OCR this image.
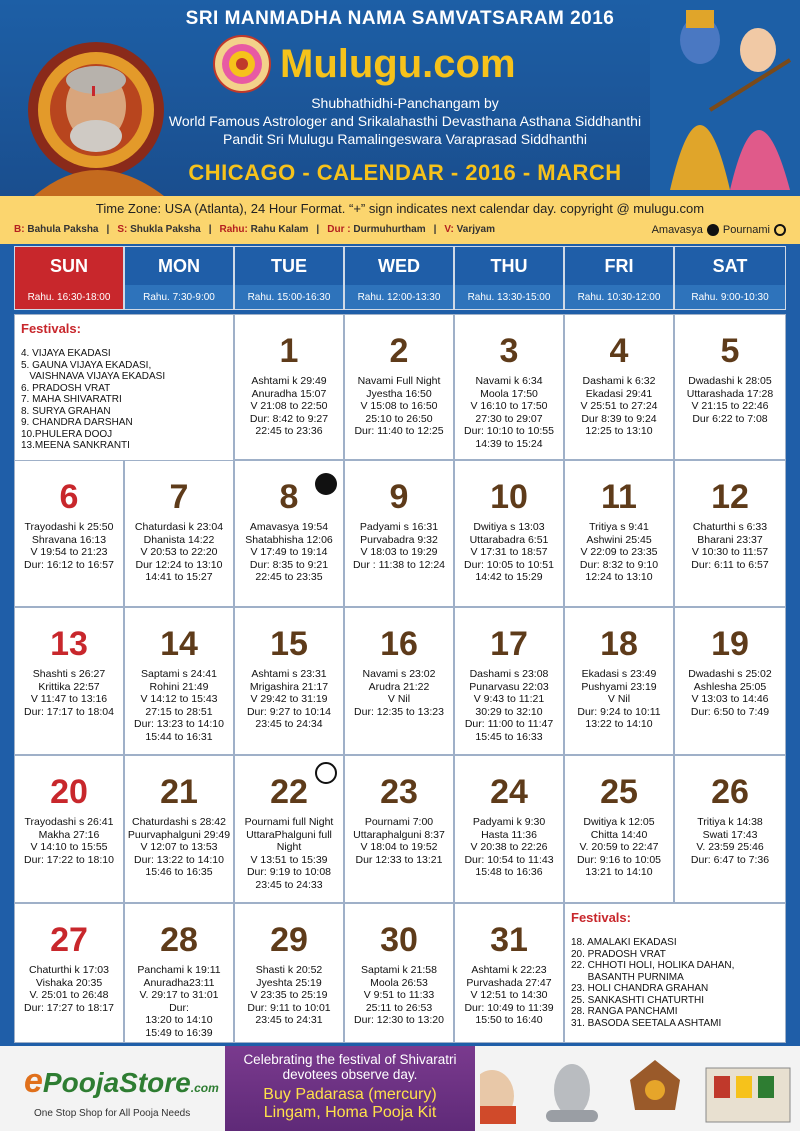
SRI MANMADHA NAMA SAMVATSARAM 2016
Mulugu.com
Shubhathidhi-Panchangam by
World Famous Astrologer and Srikalahasthi Devasthana Asthana Siddhanthi
Pandit Sri Mulugu Ramalingeswara Varaprasad Siddhanthi
CHICAGO - CALENDAR - 2016 - MARCH
Time Zone: USA (Atlanta), 24 Hour Format. “+” sign indicates next calendar day. copyright @ mulugu.com
B: Bahula Paksha | S: Shukla Paksha | Rahu: Rahu Kalam | Dur : Durmuhurtham | V: Varjyam	Amavasya Pournami
SUN
Rahu. 16:30-18:00
MON
Rahu. 7:30-9:00
TUE
Rahu. 15:00-16:30
WED
Rahu. 12:00-13:30
THU
Rahu. 13:30-15:00
FRI
Rahu. 10:30-12:00
SAT
Rahu. 9:00-10:30
Festivals:
4. VIJAYA EKADASI
5. GAUNA VIJAYA EKADASI,
VAISHNAVA VIJAYA EKADASI
6. PRADOSH VRAT
7. MAHA SHIVARATRI
8. SURYA GRAHAN
9. CHANDRA DARSHAN
10.PHULERA DOOJ
13.MEENA SANKRANTI
Festivals:
18. AMALAKI EKADASI
20. PRADOSH VRAT
22. CHHOTI HOLI, HOLIKA DAHAN,
BASANTH PURNIMA
23. HOLI CHANDRA GRAHAN
25. SANKASHTI CHATURTHI
28. RANGA PANCHAMI
31. BASODA SEETALA ASHTAMI
1
Ashtami k 29:49
Anuradha 15:07
V 21:08 to 22:50
Dur: 8:42 to 9:27
22:45 to 23:36
2
Navami Full Night
Jyestha 16:50
V 15:08 to 16:50
25:10 to 26:50
Dur: 11:40 to 12:25
3
Navami k 6:34
Moola 17:50
V 16:10 to 17:50
27:30 to 29:07
Dur: 10:10 to 10:55
14:39 to 15:24
4
Dashami k 6:32
Ekadasi 29:41
V 25:51 to 27:24
Dur 8:39 to 9:24
12:25 to 13:10
5
Dwadashi k 28:05
Uttarashada 17:28
V 21:15 to 22:46
Dur 6:22 to 7:08
6
Trayodashi k 25:50
Shravana 16:13
V 19:54 to 21:23
Dur: 16:12 to 16:57
7
Chaturdasi k 23:04
Dhanista 14:22
V 20:53 to 22:20
Dur 12:24 to 13:10
14:41 to 15:27
8
Amavasya 19:54
Shatabhisha 12:06
V 17:49 to 19:14
Dur: 8:35 to 9:21
22:45 to 23:35
9
Padyami s 16:31
Purvabadra 9:32
V 18:03 to 19:29
Dur : 11:38 to 12:24
10
Dwitiya s 13:03
Uttarabadra 6:51
V 17:31 to 18:57
Dur: 10:05 to 10:51
14:42 to 15:29
11
Tritiya s 9:41
Ashwini 25:45
V 22:09 to 23:35
Dur: 8:32 to 9:10
12:24 to 13:10
12
Chaturthi s 6:33
Bharani 23:37
V 10:30 to 11:57
Dur: 6:11 to 6:57
13
Shashti s 26:27
Krittika 22:57
V 11:47 to 13:16
Dur: 17:17 to 18:04
14
Saptami s 24:41
Rohini 21:49
V 14:12 to 15:43
27:15 to 28:51
Dur: 13:23 to 14:10
15:44 to 16:31
15
Ashtami s 23:31
Mrigashira 21:17
V 29:42 to 31:19
Dur: 9:27 to 10:14
23:45 to 24:34
16
Navami s 23:02
Arudra 21:22
V Nil
Dur: 12:35 to 13:23
17
Dashami s 23:08
Punarvasu 22:03
V 9:43 to 11:21
30:29 to 32:10
Dur: 11:00 to 11:47
15:45 to 16:33
18
Ekadasi s 23:49
Pushyami 23:19
V Nil
Dur: 9:24 to 10:11
13:22 to 14:10
19
Dwadashi s 25:02
Ashlesha 25:05
V 13:03 to 14:46
Dur: 6:50 to 7:49
20
Trayodashi s 26:41
Makha 27:16
V 14:10 to 15:55
Dur: 17:22 to 18:10
21
Chaturdashi s 28:42
Puurvaphalguni 29:49
V 12:07 to 13:53
Dur: 13:22 to 14:10
15:46 to 16:35
22
Pournami full Night
UttaraPhalguni full
Night
V 13:51 to 15:39
Dur: 9:19 to 10:08
23:45 to 24:33
23
Pournami 7:00
Uttaraphalguni 8:37
V 18:04 to 19:52
Dur 12:33 to 13:21
24
Padyami k 9:30
Hasta 11:36
V 20:38 to 22:26
Dur: 10:54 to 11:43
15:48 to 16:36
25
Dwitiya k 12:05
Chitta 14:40
V. 20:59 to 22:47
Dur: 9:16 to 10:05
13:21 to 14:10
26
Tritiya k 14:38
Swati 17:43
V. 23:59 25:46
Dur: 6:47 to 7:36
27
Chaturthi k 17:03
Vishaka 20:35
V. 25:01 to 26:48
Dur: 17:27 to 18:17
28
Panchami k 19:11
Anuradha23:11
V. 29:17 to 31:01
Dur:
13:20 to 14:10
15:49 to 16:39
29
Shasti k 20:52
Jyeshta 25:19
V 23:35 to 25:19
Dur: 9:11 to 10:01
23:45 to 24:31
30
Saptami k 21:58
Moola 26:53
V 9:51 to 11:33
25:11 to 26:53
Dur: 12:30 to 13:20
31
Ashtami k 22:23
Purvashada 27:47
V 12:51 to 14:30
Dur: 10:49 to 11:39
15:50 to 16:40
ePoojaStore.com
One Stop Shop for All Pooja Needs
Celebrating the festival of Shivaratri
devotees observe day.
Buy Padarasa (mercury)
Lingam, Homa Pooja Kit
